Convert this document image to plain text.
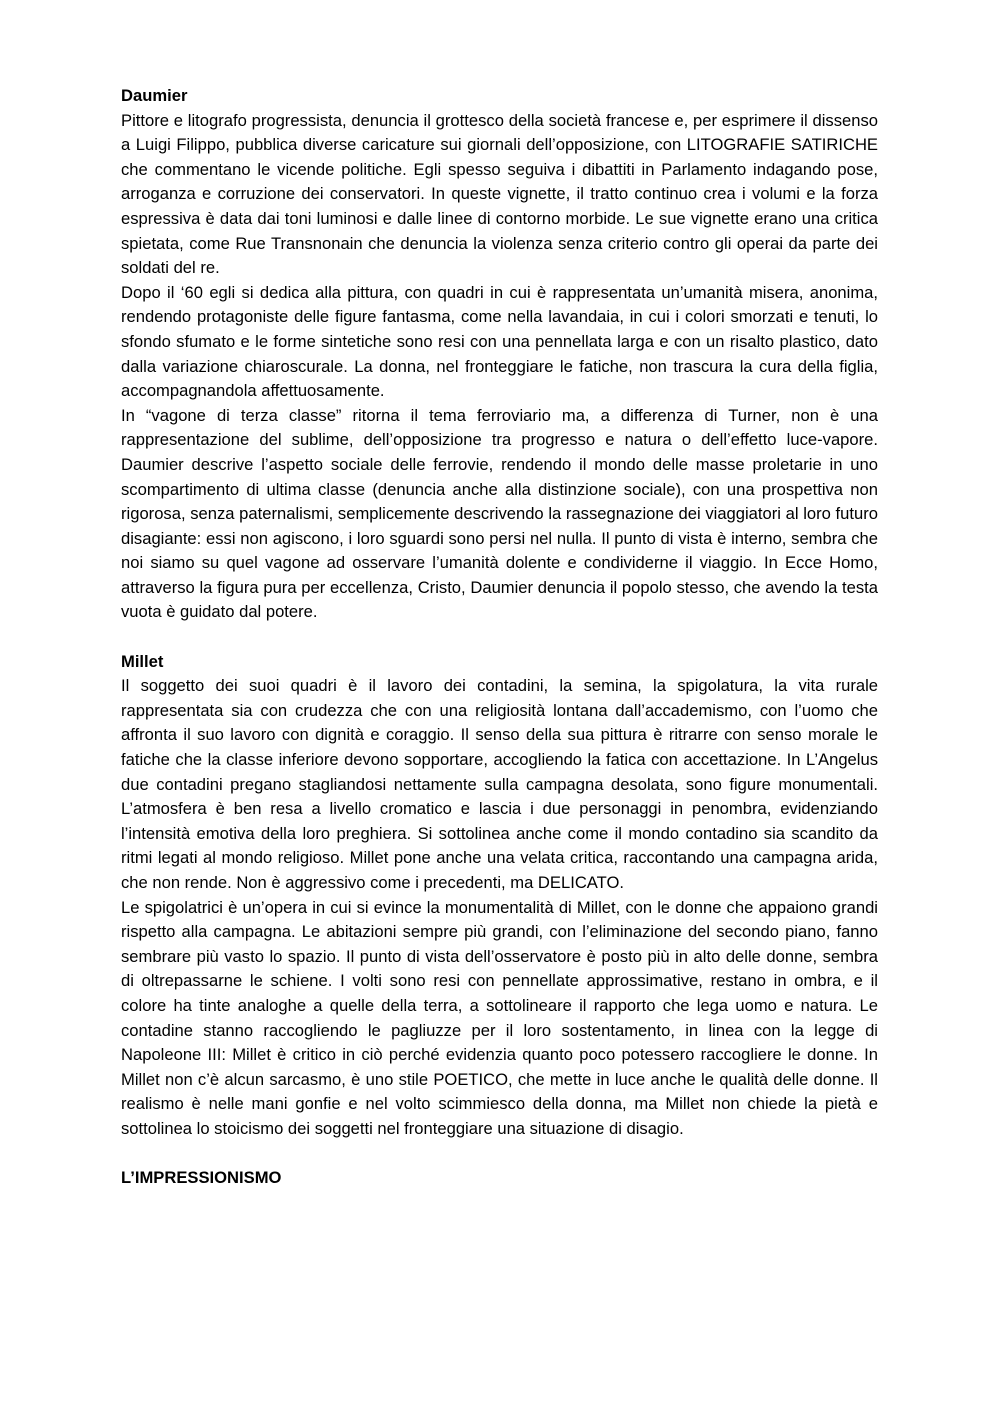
Daumier

Pittore e litografo progressista, denuncia il grottesco della società francese e, per esprimere il dissenso a Luigi Filippo, pubblica diverse caricature sui giornali dell’opposizione, con LITOGRAFIE SATIRICHE che commentano le vicende politiche. Egli spesso seguiva i dibattiti in Parlamento indagando pose, arroganza e corruzione dei conservatori. In queste vignette, il tratto continuo crea i volumi e la forza espressiva è data dai toni luminosi e dalle linee di contorno morbide. Le sue vignette erano una critica spietata, come Rue Transnonain che denuncia la violenza senza criterio contro gli operai da parte dei soldati del re.

Dopo il ‘60 egli si dedica alla pittura, con quadri in cui è rappresentata un’umanità misera, anonima, rendendo protagoniste delle figure fantasma, come nella lavandaia, in cui i colori smorzati e tenuti, lo sfondo sfumato e le forme sintetiche sono resi con una pennellata larga e con un risalto plastico, dato dalla variazione chiaroscurale. La donna, nel fronteggiare le fatiche, non trascura la cura della figlia, accompagnandola affettuosamente.

In “vagone di terza classe” ritorna il tema ferroviario ma, a differenza di Turner, non è una rappresentazione del sublime, dell’opposizione tra progresso e natura o dell’effetto luce-vapore. Daumier descrive l’aspetto sociale delle ferrovie, rendendo il mondo delle masse proletarie in uno scompartimento di ultima classe (denuncia anche alla distinzione sociale), con una prospettiva non rigorosa, senza paternalismi, semplicemente descrivendo la rassegnazione dei viaggiatori al loro futuro disagiante: essi non agiscono, i loro sguardi sono persi nel nulla. Il punto di vista è interno, sembra che noi siamo su quel vagone ad osservare l’umanità dolente e condividerne il viaggio. In Ecce Homo, attraverso la figura pura per eccellenza, Cristo, Daumier denuncia il popolo stesso, che avendo la testa vuota è guidato dal potere.

Millet

Il soggetto dei suoi quadri è il lavoro dei contadini, la semina, la spigolatura, la vita rurale rappresentata sia con crudezza che con una religiosità lontana dall’accademismo, con l’uomo che affronta il suo lavoro con dignità e coraggio. Il senso della sua pittura è ritrarre con senso morale le fatiche che la classe inferiore devono sopportare, accogliendo la fatica con accettazione. In L’Angelus due contadini pregano stagliandosi nettamente sulla campagna desolata, sono figure monumentali. L’atmosfera è ben resa a livello cromatico e lascia i due personaggi in penombra, evidenziando l’intensità emotiva della loro preghiera. Si sottolinea anche come il mondo contadino sia scandito da ritmi legati al mondo religioso. Millet pone anche una velata critica, raccontando una campagna arida, che non rende. Non è aggressivo come i precedenti, ma DELICATO.

Le spigolatrici è un’opera in cui si evince la monumentalità di Millet, con le donne che appaiono grandi rispetto alla campagna. Le abitazioni sempre più grandi, con l’eliminazione del secondo piano, fanno sembrare più vasto lo spazio. Il punto di vista dell’osservatore è posto più in alto delle donne, sembra di oltrepassarne le schiene. I volti sono resi con pennellate approssimative, restano in ombra, e il colore ha tinte analoghe a quelle della terra, a sottolineare il rapporto che lega uomo e natura. Le contadine stanno raccogliendo le pagliuzze per il loro sostentamento, in linea con la legge di Napoleone III: Millet è critico in ciò perché evidenzia quanto poco potessero raccogliere le donne. In Millet non c’è alcun sarcasmo, è uno stile POETICO, che mette in luce anche le qualità delle donne. Il realismo è nelle mani gonfie e nel volto scimmiesco della donna, ma Millet non chiede la pietà e sottolinea lo stoicismo dei soggetti nel fronteggiare una situazione di disagio.

L’IMPRESSIONISMO
